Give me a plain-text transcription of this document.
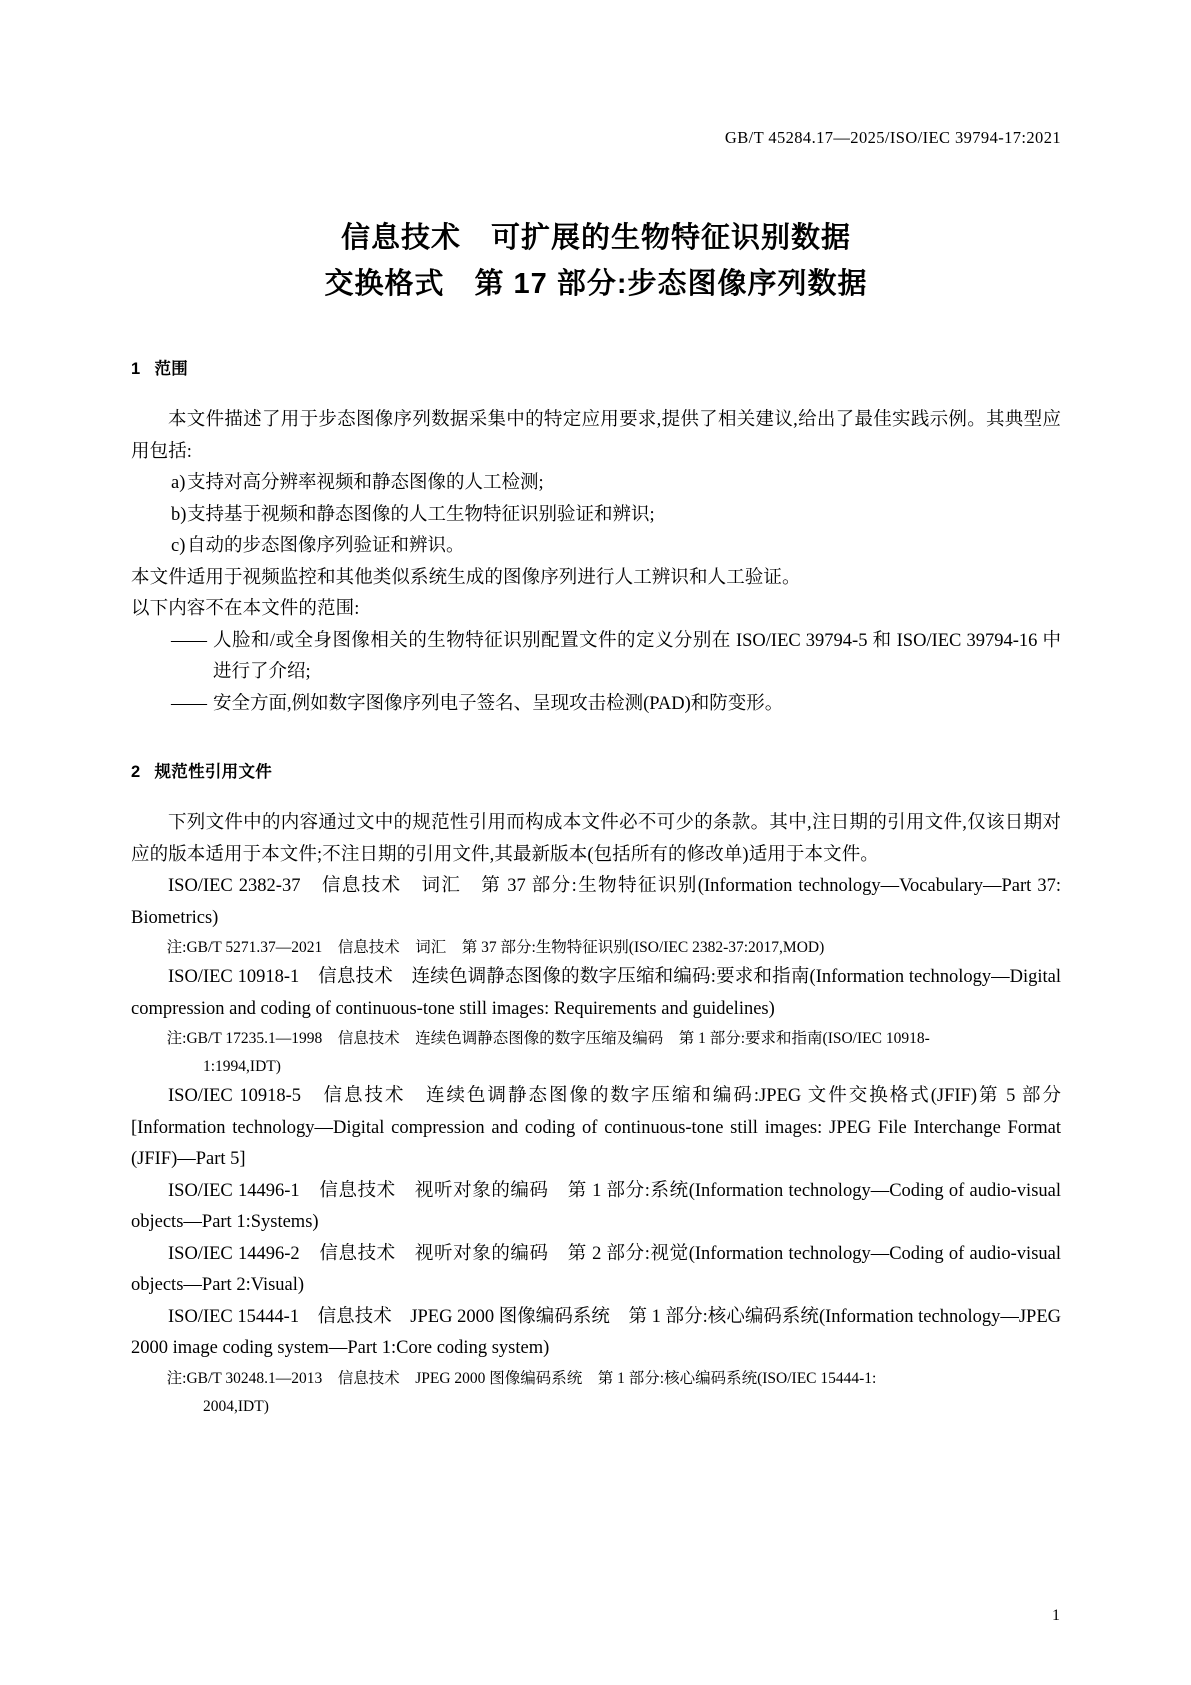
GB/T 45284.17—2025/ISO/IEC 39794-17:2021
信息技术　可扩展的生物特征识别数据
交换格式　第 17 部分:步态图像序列数据
1 范围
本文件描述了用于步态图像序列数据采集中的特定应用要求,提供了相关建议,给出了最佳实践示例。其典型应用包括:
a) 支持对高分辨率视频和静态图像的人工检测;
b) 支持基于视频和静态图像的人工生物特征识别验证和辨识;
c) 自动的步态图像序列验证和辨识。
本文件适用于视频监控和其他类似系统生成的图像序列进行人工辨识和人工验证。
以下内容不在本文件的范围:
—— 人脸和/或全身图像相关的生物特征识别配置文件的定义分别在 ISO/IEC 39794-5 和 ISO/IEC 39794-16 中进行了介绍;
—— 安全方面,例如数字图像序列电子签名、呈现攻击检测(PAD)和防变形。
2 规范性引用文件
下列文件中的内容通过文中的规范性引用而构成本文件必不可少的条款。其中,注日期的引用文件,仅该日期对应的版本适用于本文件;不注日期的引用文件,其最新版本(包括所有的修改单)适用于本文件。
ISO/IEC 2382-37　信息技术　词汇　第 37 部分:生物特征识别(Information technology—Vocabulary—Part 37: Biometrics)
注:GB/T 5271.37—2021　信息技术　词汇　第 37 部分:生物特征识别(ISO/IEC 2382-37:2017,MOD)
ISO/IEC 10918-1　信息技术　连续色调静态图像的数字压缩和编码:要求和指南(Information technology—Digital compression and coding of continuous-tone still images: Requirements and guidelines)
注:GB/T 17235.1—1998　信息技术　连续色调静态图像的数字压缩及编码　第 1 部分:要求和指南(ISO/IEC 10918-
1:1994,IDT)
ISO/IEC 10918-5　信息技术　连续色调静态图像的数字压缩和编码:JPEG 文件交换格式(JFIF)第 5 部分[Information technology—Digital compression and coding of continuous-tone still images: JPEG File Interchange Format (JFIF)—Part 5]
ISO/IEC 14496-1　信息技术　视听对象的编码　第 1 部分:系统(Information technology—Coding of audio-visual objects—Part 1:Systems)
ISO/IEC 14496-2　信息技术　视听对象的编码　第 2 部分:视觉(Information technology—Coding of audio-visual objects—Part 2:Visual)
ISO/IEC 15444-1　信息技术　JPEG 2000 图像编码系统　第 1 部分:核心编码系统(Information technology—JPEG 2000 image coding system—Part 1:Core coding system)
注:GB/T 30248.1—2013　信息技术　JPEG 2000 图像编码系统　第 1 部分:核心编码系统(ISO/IEC 15444-1:
2004,IDT)
1
